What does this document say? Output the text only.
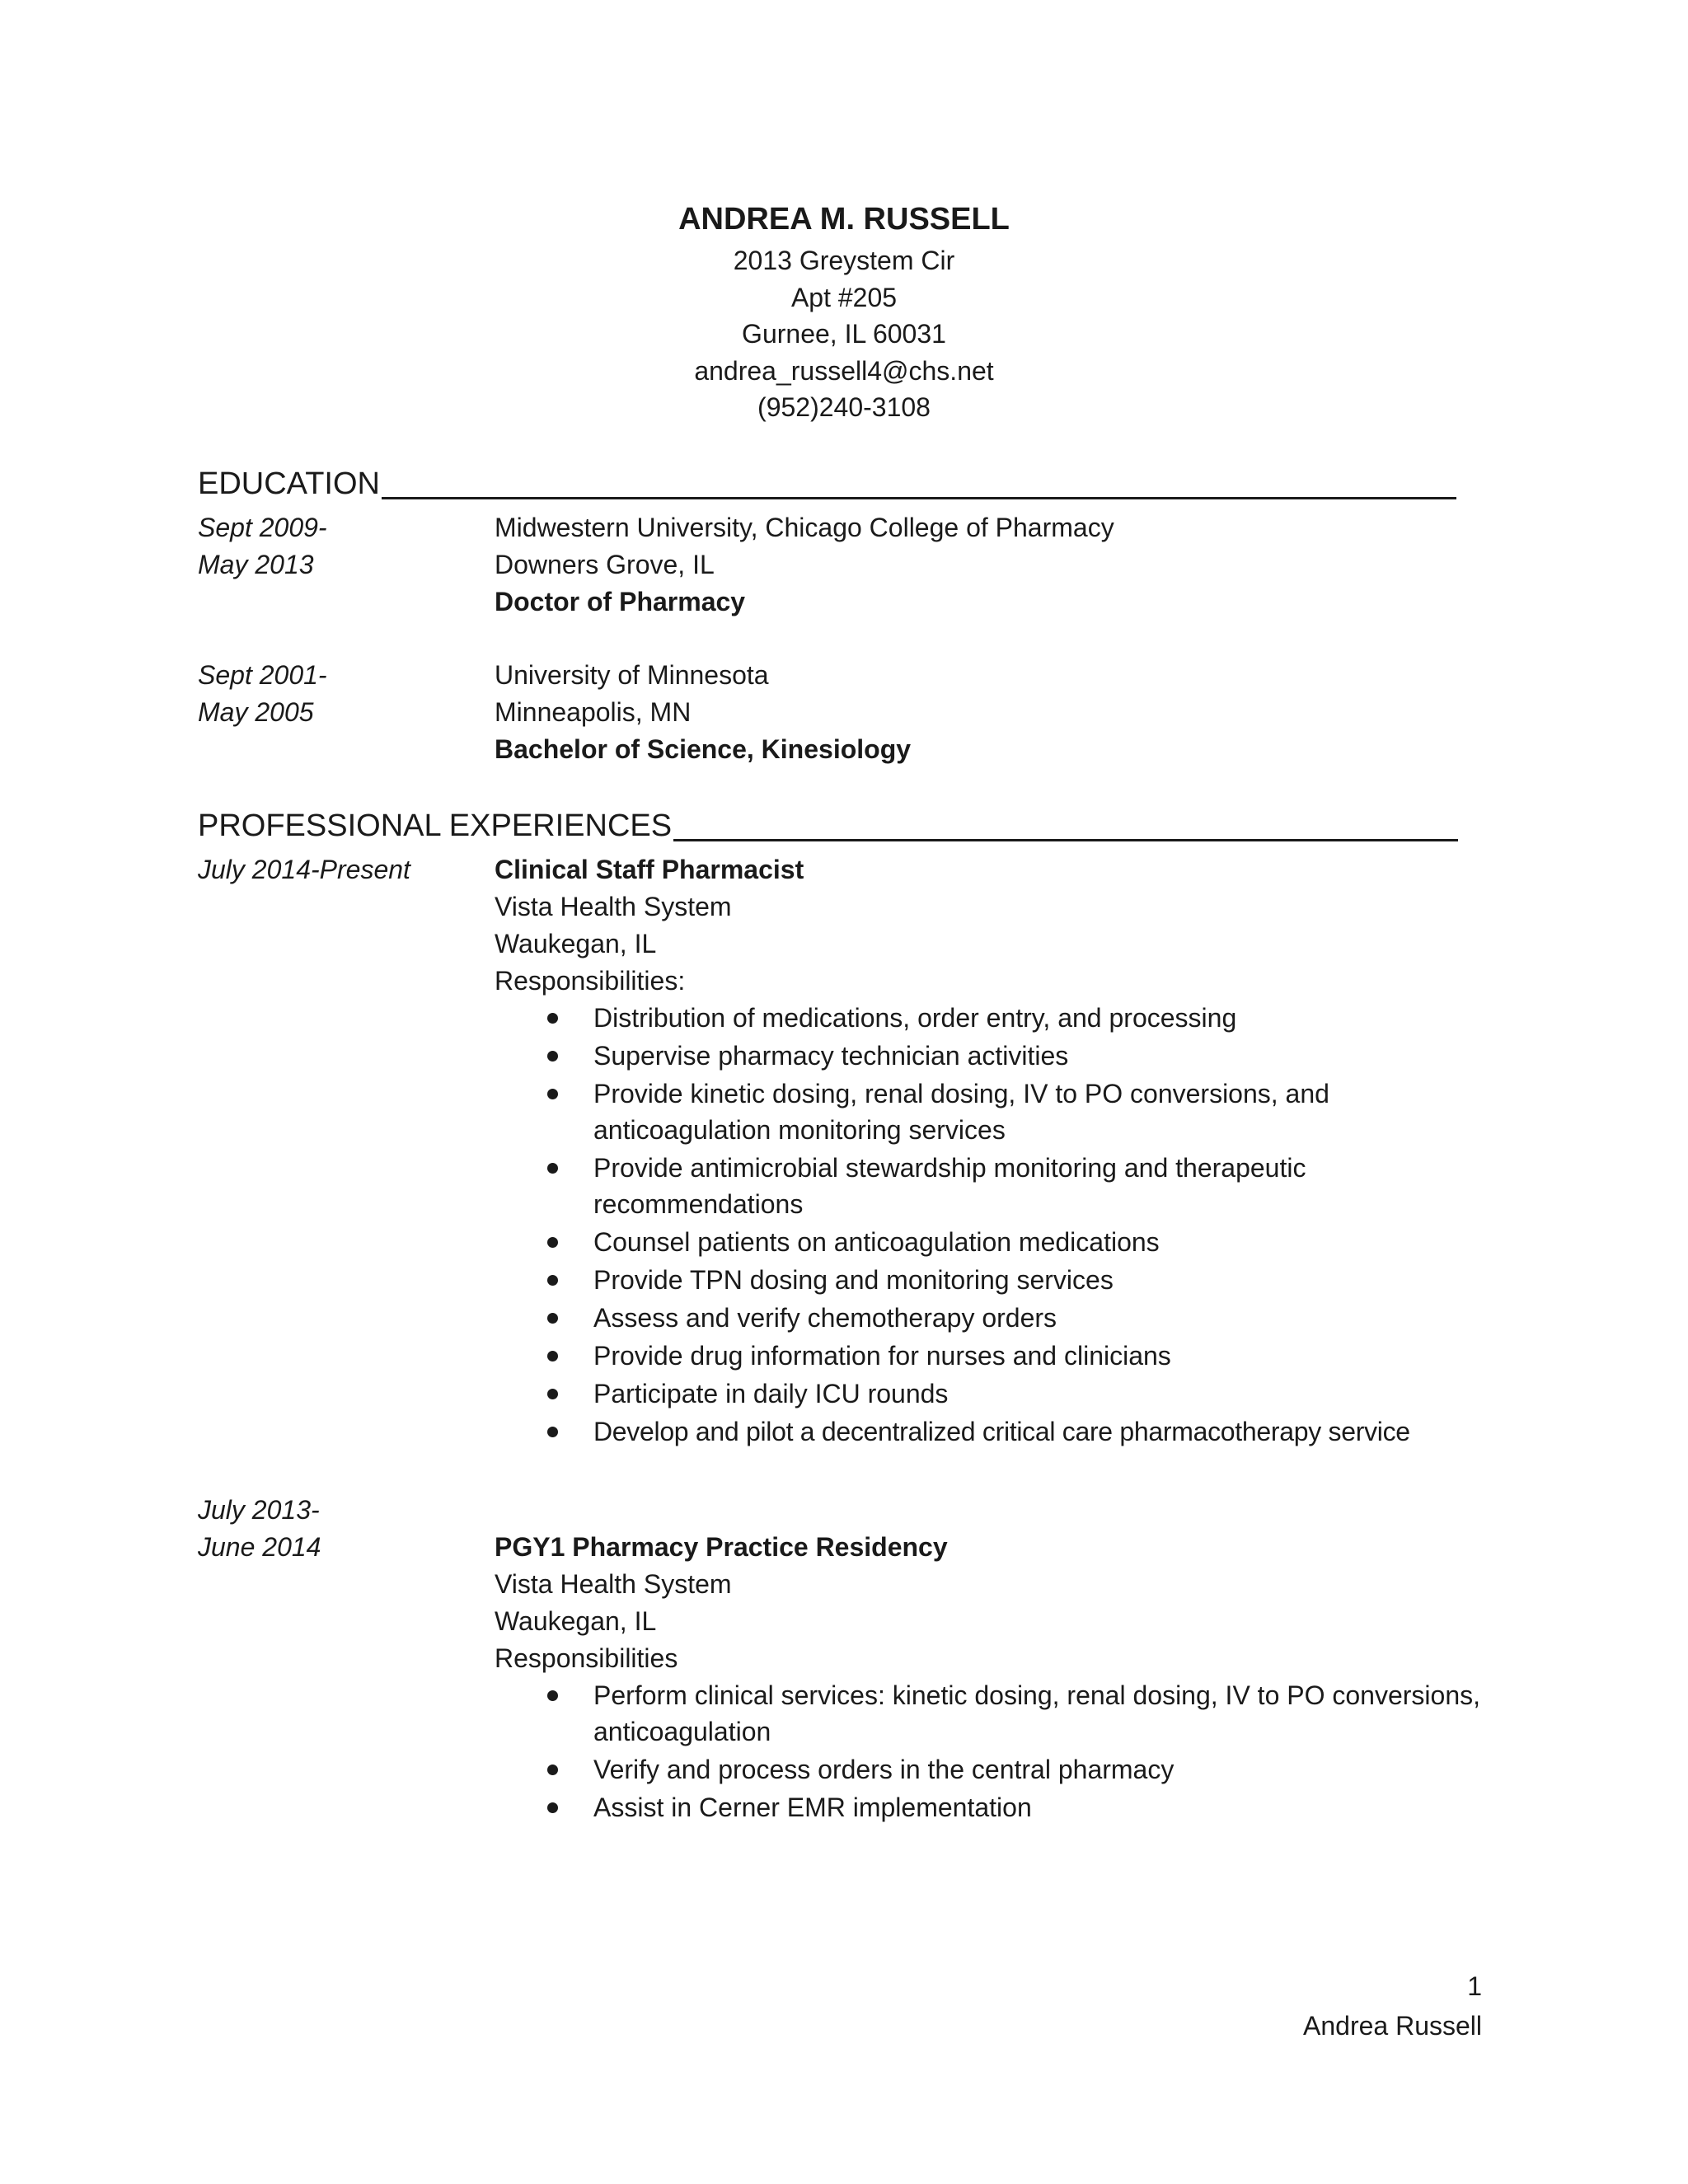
ANDREA M. RUSSELL
2013 Greystem Cir
Apt #205
Gurnee, IL 60031
andrea_russell4@chs.net
(952)240-3108
EDUCATION
Sept 2009-	Midwestern University, Chicago College of Pharmacy
May 2013	Downers Grove, IL
Doctor of Pharmacy
Sept 2001-	University of Minnesota
May 2005	Minneapolis, MN
Bachelor of Science, Kinesiology
PROFESSIONAL EXPERIENCES
July 2014-Present	Clinical Staff Pharmacist
Vista Health System
Waukegan, IL
Responsibilities:
Distribution of medications, order entry, and processing
Supervise pharmacy technician activities
Provide kinetic dosing, renal dosing, IV to PO conversions, and anticoagulation monitoring services
Provide antimicrobial stewardship monitoring and therapeutic recommendations
Counsel patients on anticoagulation medications
Provide TPN dosing and monitoring services
Assess and verify chemotherapy orders
Provide drug information for nurses and clinicians
Participate in daily ICU rounds
Develop and pilot a decentralized critical care pharmacotherapy service
July 2013-
June 2014	PGY1 Pharmacy Practice Residency
Vista Health System
Waukegan, IL
Responsibilities
Perform clinical services: kinetic dosing, renal dosing, IV to PO conversions, anticoagulation
Verify and process orders in the central pharmacy
Assist in Cerner EMR implementation
1
Andrea Russell
